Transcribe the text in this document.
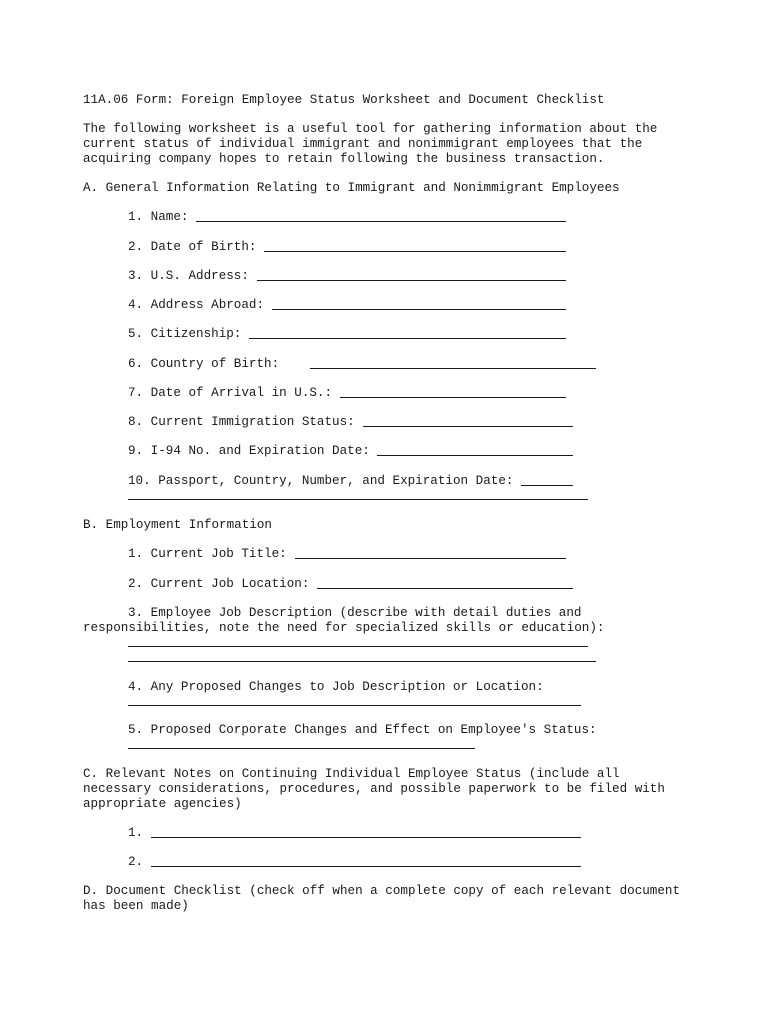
11A.06 Form: Foreign Employee Status Worksheet and Document Checklist
The following worksheet is a useful tool for gathering information about the
current status of individual immigrant and nonimmigrant employees that the
acquiring company hopes to retain following the business transaction.
A. General Information Relating to Immigrant and Nonimmigrant Employees
1. Name:
2. Date of Birth:
3. U.S. Address:
4. Address Abroad:
5. Citizenship:
6. Country of Birth:
7. Date of Arrival in U.S.:
8. Current Immigration Status:
9. I-94 No. and Expiration Date:
10. Passport, Country, Number, and Expiration Date:
B. Employment Information
1. Current Job Title:
2. Current Job Location:
3. Employee Job Description (describe with detail duties and
responsibilities, note the need for specialized skills or education):
4. Any Proposed Changes to Job Description or Location:
5. Proposed Corporate Changes and Effect on Employee's Status:
C. Relevant Notes on Continuing Individual Employee Status (include all
necessary considerations, procedures, and possible paperwork to be filed with
appropriate agencies)
1.
2.
D. Document Checklist (check off when a complete copy of each relevant document
has been made)
